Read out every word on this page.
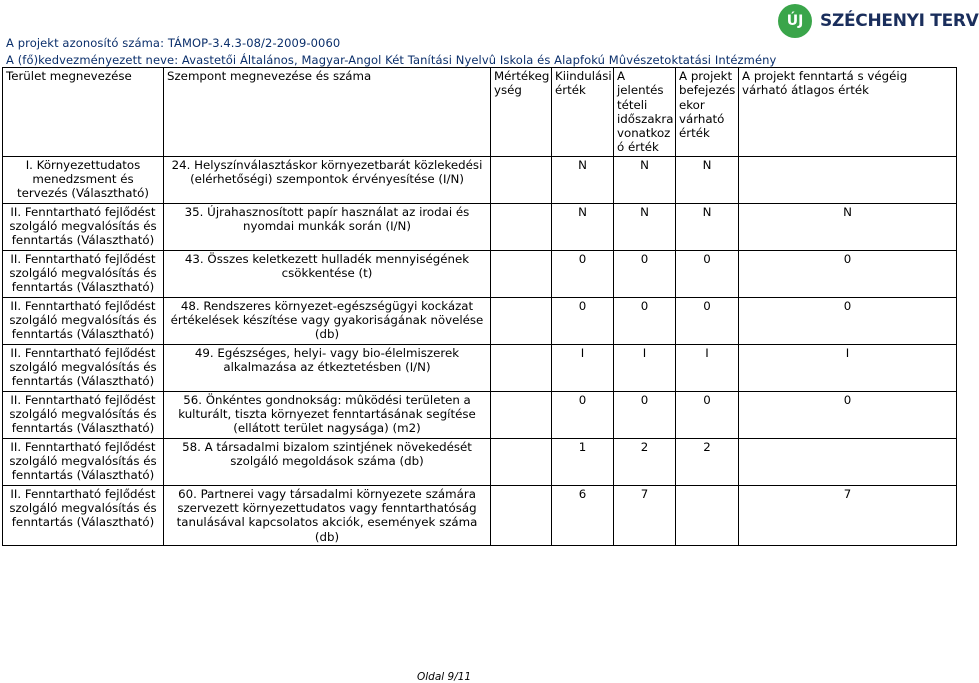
A projekt azonosító száma: TÁMOP-3.4.3-08/2-2009-0060
A (fő)kedvezményezett neve: Avastetői Általános, Magyar-Angol Két Tanítási Nyelvû Iskola és Alapfokú Mûvészetoktatási Intézmény
ÚJ SZÉCHENYI TERV
Terület megnevezése	Szempont megnevezése és száma	Mértékeg ység	Kiindulási érték	A jelentés tételi időszakra vonatkoz ó érték	A projekt befejezés ekor várható érték	A projekt fenntartá s végéig várható átlagos érték
I. Környezettudatos menedzsment és tervezés (Választható)	24. Helyszínválasztáskor környezetbarát közlekedési (elérhetőségi) szempontok érvényesítése (I/N)		N	N	N	
II. Fenntartható fejlődést szolgáló megvalósítás és fenntartás (Választható)	35. Újrahasznosított papír használat az irodai és nyomdai munkák során (I/N)		N	N	N	N
II. Fenntartható fejlődést szolgáló megvalósítás és fenntartás (Választható)	43. Összes keletkezett hulladék mennyiségének csökkentése (t)		0	0	0	0
II. Fenntartható fejlődést szolgáló megvalósítás és fenntartás (Választható)	48. Rendszeres környezet-egészségügyi kockázat értékelések készítése vagy gyakoriságának növelése (db)		0	0	0	0
II. Fenntartható fejlődést szolgáló megvalósítás és fenntartás (Választható)	49. Egészséges, helyi- vagy bio-élelmiszerek alkalmazása az étkeztetésben (I/N)		I	I	I	I
II. Fenntartható fejlődést szolgáló megvalósítás és fenntartás (Választható)	56. Önkéntes gondnokság: mûködési területen a kulturált, tiszta környezet fenntartásának segítése (ellátott terület nagysága) (m2)		0	0	0	0
II. Fenntartható fejlődést szolgáló megvalósítás és fenntartás (Választható)	58. A társadalmi bizalom szintjének növekedését szolgáló megoldások száma (db)		1	2	2	
II. Fenntartható fejlődést szolgáló megvalósítás és fenntartás (Választható)	60. Partnerei vagy társadalmi környezete számára szervezett környezettudatos vagy fenntarthatóság tanulásával kapcsolatos akciók, események száma (db)		6	7		7
Oldal 9/11
